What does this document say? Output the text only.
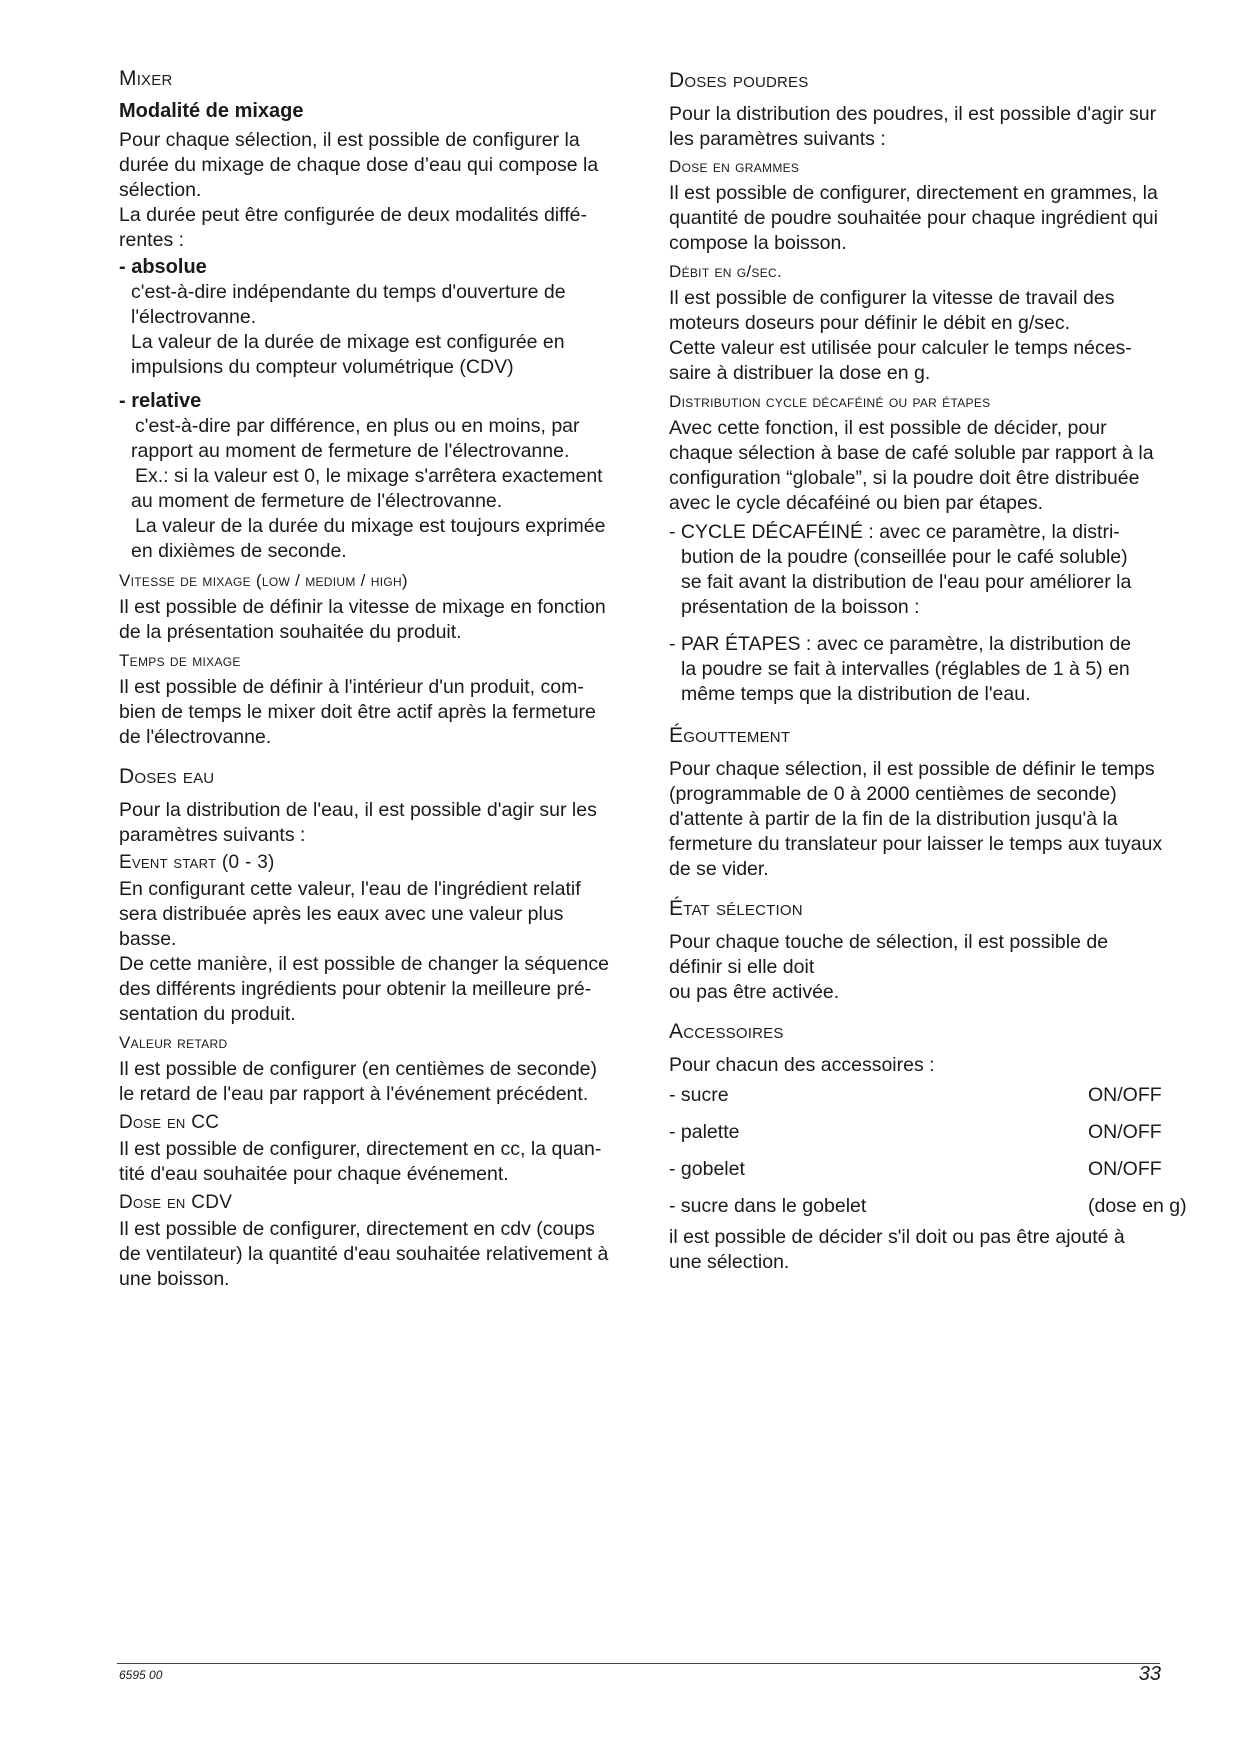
Mixer
Modalité de mixage

Pour chaque sélection, il est possible de configurer la

durée du mixage de chaque dose d’eau qui compose la

sélection.

La durée peut être configurée de deux modalités diffé-

rentes :

- absolue

c'est-à-dire indépendante du temps d'ouverture de

l'électrovanne.

La valeur de la durée de mixage est configurée en

impulsions du compteur volumétrique (CDV)

- relative

c'est-à-dire par différence, en plus ou en moins, par

rapport au moment de fermeture de l'électrovanne.

Ex.: si la valeur est 0, le mixage s'arrêtera exactement

au moment de fermeture de l'électrovanne.

La valeur de la durée du mixage est toujours exprimée

en dixièmes de seconde.

Vitesse de mixage (low / medium / high)

Il est possible de définir la vitesse de mixage en fonction

de la présentation souhaitée du produit.

Temps de mixage

Il est possible de définir à l'intérieur d'un produit, com-

bien de temps le mixer doit être actif après la fermeture

de l'électrovanne.

Doses eau

Pour la distribution de l'eau, il est possible d'agir sur les

paramètres suivants :

Event start (0 - 3)

En configurant cette valeur, l'eau de l'ingrédient relatif

sera distribuée après les eaux avec une valeur plus

basse.

De cette manière, il est possible de changer la séquence

des différents ingrédients pour obtenir la meilleure pré-

sentation du produit.

Valeur retard

Il est possible de configurer (en centièmes de seconde)

le retard de l'eau par rapport à l'événement précédent.

Dose en CC

Il est possible de configurer, directement en cc, la quan-

tité d'eau souhaitée pour chaque événement.

Dose en CDV

Il est possible de configurer, directement en cdv (coups

de ventilateur) la quantité d'eau souhaitée relativement à

une boisson.

Doses poudres

Pour la distribution des poudres, il est possible d'agir sur

les paramètres suivants :

Dose en grammes

Il est possible de configurer, directement en grammes, la

quantité de poudre souhaitée pour chaque ingrédient qui

compose la boisson.

Débit en g/sec.

Il est possible de configurer la vitesse de travail des

moteurs doseurs pour définir le débit en g/sec.

Cette valeur est utilisée pour calculer le temps néces-

saire à distribuer la dose en g.

Distribution cycle décaféiné ou par étapes

Avec cette fonction, il est possible de décider, pour

chaque sélection à base de café soluble par rapport à la

configuration “globale”, si la poudre doit être distribuée

avec le cycle décaféiné ou bien par étapes.

- CYCLE DÉCAFÉINÉ : avec ce paramètre, la distri-

bution de la poudre (conseillée pour le café soluble)

se fait avant la distribution de l'eau pour améliorer la

présentation de la boisson :

- PAR ÉTAPES : avec ce paramètre, la distribution de

la poudre se fait à intervalles (réglables de 1 à 5) en

même temps que la distribution de l'eau.

Égouttement

Pour chaque sélection, il est possible de définir le temps

(programmable de 0 à 2000 centièmes de seconde)

d'attente à partir de la fin de la distribution jusqu'à la

fermeture du translateur pour laisser le temps aux tuyaux

de se vider.

État sélection

Pour chaque touche de sélection, il est possible de

définir si elle doit

ou pas être activée.

Accessoires

Pour chacun des accessoires :

- sucre	ON/OFF
- palette	ON/OFF
- gobelet	ON/OFF
- sucre dans le gobelet	(dose en g)

il est possible de décider s'il doit ou pas être ajouté à

une sélection.

6595 00	33
